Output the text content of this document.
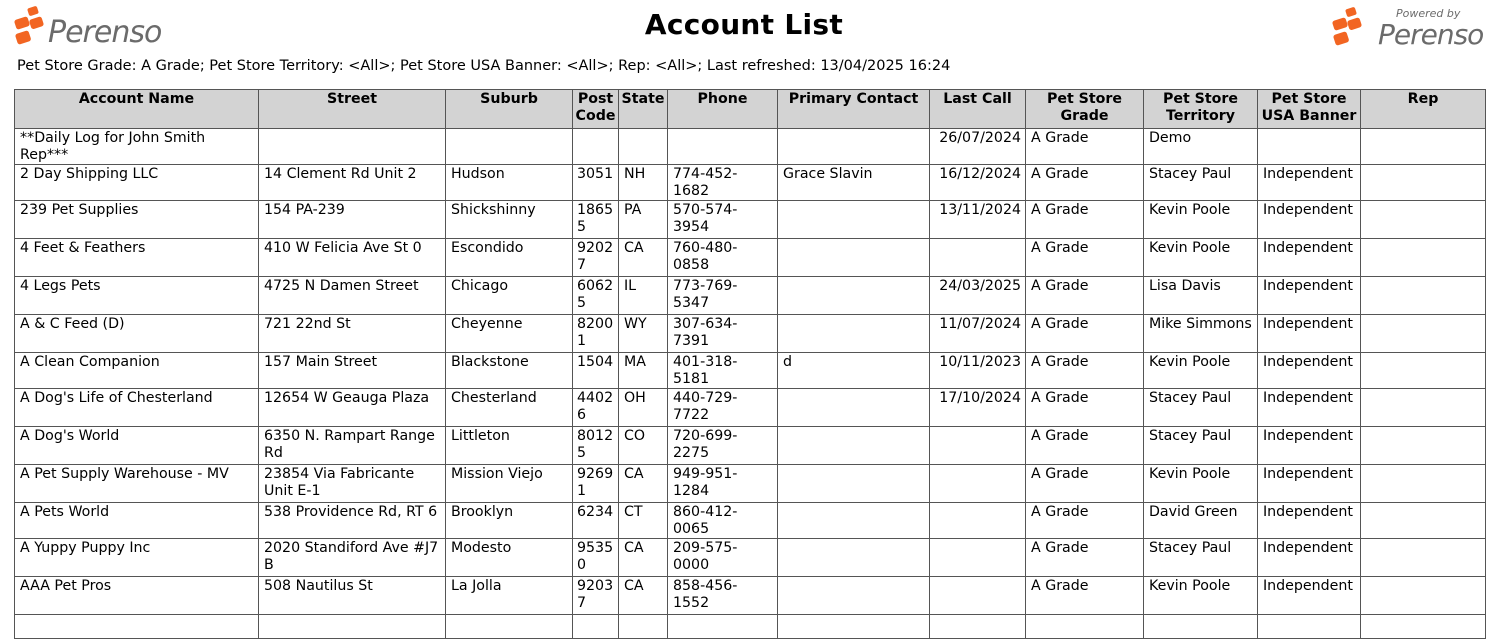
Perenso	Account List	Powered by
Perenso
Pet Store Grade: A Grade; Pet Store Territory: <All>; Pet Store USA Banner: <All>; Rep: <All>; Last refreshed: 13/04/2025 16:24
Account Name	Street	Suburb	Post Code	State	Phone	Primary Contact	Last Call	Pet Store Grade	Pet Store Territory	Pet Store USA Banner	Rep
**Daily Log for John Smith Rep***							26/07/2024	A Grade	Demo		
2 Day Shipping LLC	14 Clement Rd Unit 2	Hudson	3051	NH	774-452-1682	Grace Slavin	16/12/2024	A Grade	Stacey Paul	Independent	
239 Pet Supplies	154 PA-239	Shickshinny	18655	PA	570-574-3954		13/11/2024	A Grade	Kevin Poole	Independent	
4 Feet & Feathers	410 W Felicia Ave St 0	Escondido	92027	CA	760-480-0858			A Grade	Kevin Poole	Independent	
4 Legs Pets	4725 N Damen Street	Chicago	60625	IL	773-769-5347		24/03/2025	A Grade	Lisa Davis	Independent	
A & C Feed (D)	721 22nd St	Cheyenne	82001	WY	307-634-7391		11/07/2024	A Grade	Mike Simmons	Independent	
A Clean Companion	157 Main Street	Blackstone	1504	MA	401-318-5181	d	10/11/2023	A Grade	Kevin Poole	Independent	
A Dog's Life of Chesterland	12654 W Geauga Plaza	Chesterland	44026	OH	440-729-7722		17/10/2024	A Grade	Stacey Paul	Independent	
A Dog's World	6350 N. Rampart Range Rd	Littleton	80125	CO	720-699-2275			A Grade	Stacey Paul	Independent	
A Pet Supply Warehouse - MV	23854 Via Fabricante Unit E-1	Mission Viejo	92691	CA	949-951-1284			A Grade	Kevin Poole	Independent	
A Pets World	538 Providence Rd, RT 6	Brooklyn	6234	CT	860-412-0065			A Grade	David Green	Independent	
A Yuppy Puppy Inc	2020 Standiford Ave #J7 B	Modesto	95350	CA	209-575-0000			A Grade	Stacey Paul	Independent	
AAA Pet Pros	508 Nautilus St	La Jolla	92037	CA	858-456-1552			A Grade	Kevin Poole	Independent	
